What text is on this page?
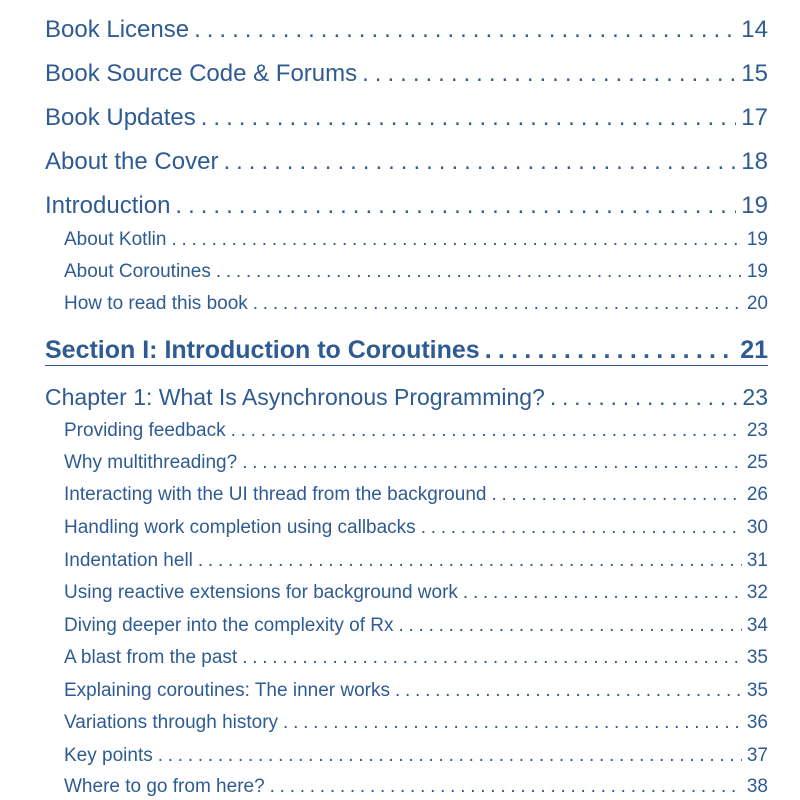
Book License .....	14
Book Source Code & Forums .....	15
Book Updates .....	17
About the Cover .....	18
Introduction .....	19
About Kotlin .....	19
About Coroutines .....	19
How to read this book .....	20
Section I: Introduction to Coroutines .....	21
Chapter 1: What Is Asynchronous Programming? .....	23
Providing feedback .....	23
Why multithreading? .....	25
Interacting with the UI thread from the background .....	26
Handling work completion using callbacks .....	30
Indentation hell .....	31
Using reactive extensions for background work .....	32
Diving deeper into the complexity of Rx .....	34
A blast from the past .....	35
Explaining coroutines: The inner works .....	35
Variations through history .....	36
Key points .....	37
Where to go from here? .....	38
